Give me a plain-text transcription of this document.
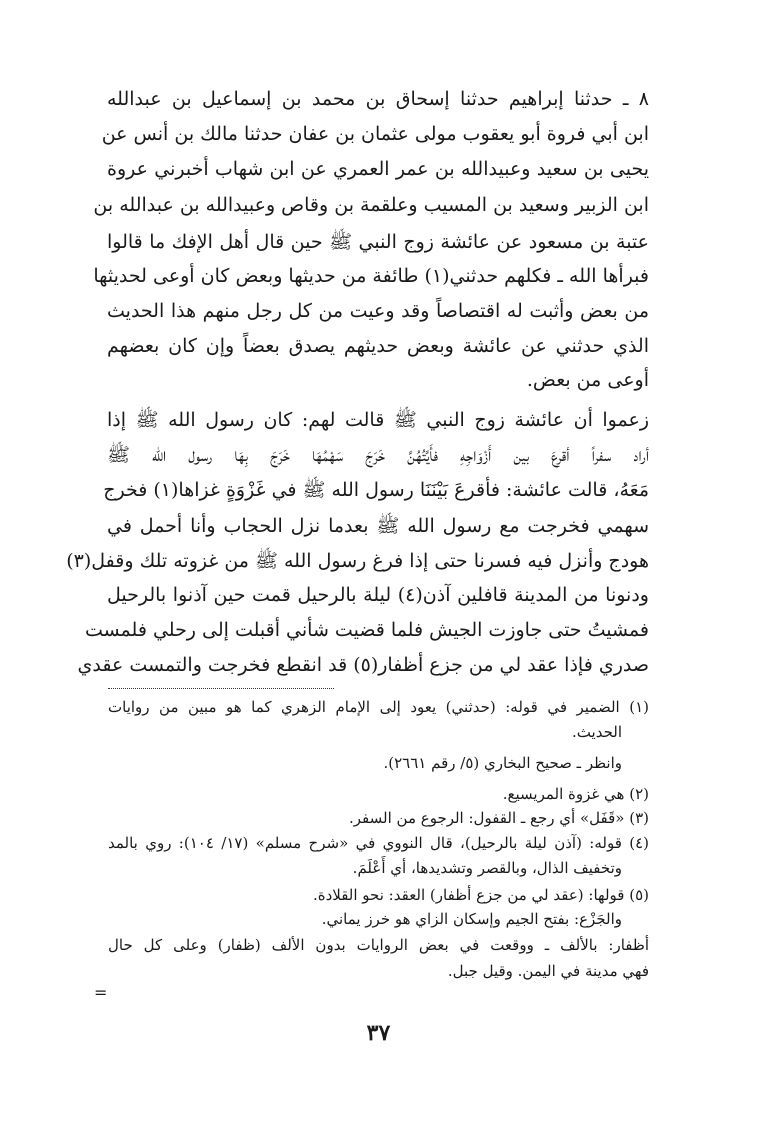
٨ ـ حدثنا إبراهيم حدثنا إسحاق بن محمد بن إسماعيل بن عبدالله
ابن أبي فروة أبو يعقوب مولى عثمان بن عفان حدثنا مالك بن أنس عن
يحيى بن سعيد وعبيدالله بن عمر العمري عن ابن شهاب أخبرني عروة
ابن الزبير وسعيد بن المسيب وعلقمة بن وقاص وعبيدالله بن عبدالله بن
عتبة بن مسعود عن عائشة زوج النبي ﷺ حين قال أهل الإفك ما قالوا
فبرأها الله ـ فكلهم حدثني(١) طائفة من حديثها وبعض كان أوعى لحديثها
من بعض وأثبت له اقتصاصاً وقد وعيت من كل رجل منهم هذا الحديث
الذي حدثني عن عائشة وبعض حديثهم يصدق بعضاً وإن كان بعضهم
أوعى من بعض.
زعموا أن عائشة زوج النبي ﷺ قالت لهم: كان رسول الله ﷺ إذا
أراد سفراً أقرعَ بين أَزْوَاجِهِ فأَيَّتُهُنَّ خَرَجَ سَهْمُهَا خَرَجَ بِهَا رسول الله ﷺ
مَعَهُ، قالت عائشة: فأقرعَ بَيْنَنَا رسول الله ﷺ في غَزْوَةٍ غزاها(١) فخرج
سهمي فخرجت مع رسول الله ﷺ بعدما نزل الحجاب وأنا أحمل في
هودج وأنزل فيه فسرنا حتى إذا فرغ رسول الله ﷺ من غزوته تلك وقفل(٣)
ودنونا من المدينة قافلين آذن(٤) ليلة بالرحيل قمت حين آذنوا بالرحيل
فمشيتُ حتى جاوزت الجيش فلما قضيت شأني أقبلت إلى رحلي فلمست
صدري فإذا عقد لي من جزع أظفار(٥) قد انقطع فخرجت والتمست عقدي
(١) الضمير في قوله: (حدثني) يعود إلى الإمام الزهري كما هو مبين من روايات
الحديث.
وانظر ـ صحيح البخاري (٥/ رقم ٢٦٦١).
(٢) هي غزوة المريسيع.
(٣) «قَفَل» أي رجع ـ القفول: الرجوع من السفر.
(٤) قوله: (آذن ليلة بالرحيل)، قال النووي في «شرح مسلم» (١٧/ ١٠٤): روي بالمد
وتخفيف الذال، وبالقصر وتشديدها، أي أَعْلَمَ.
(٥) قولها: (عقد لي من جزع أظفار) العقد: نحو القلادة.
والجَزْع: بفتح الجيم وإسكان الزاي هو خرز يماني.
أظفار: بالألف ـ ووقعت في بعض الروايات بدون الألف (ظفار) وعلى كل حال
فهي مدينة في اليمن. وقيل جبل.
=
٣٧
